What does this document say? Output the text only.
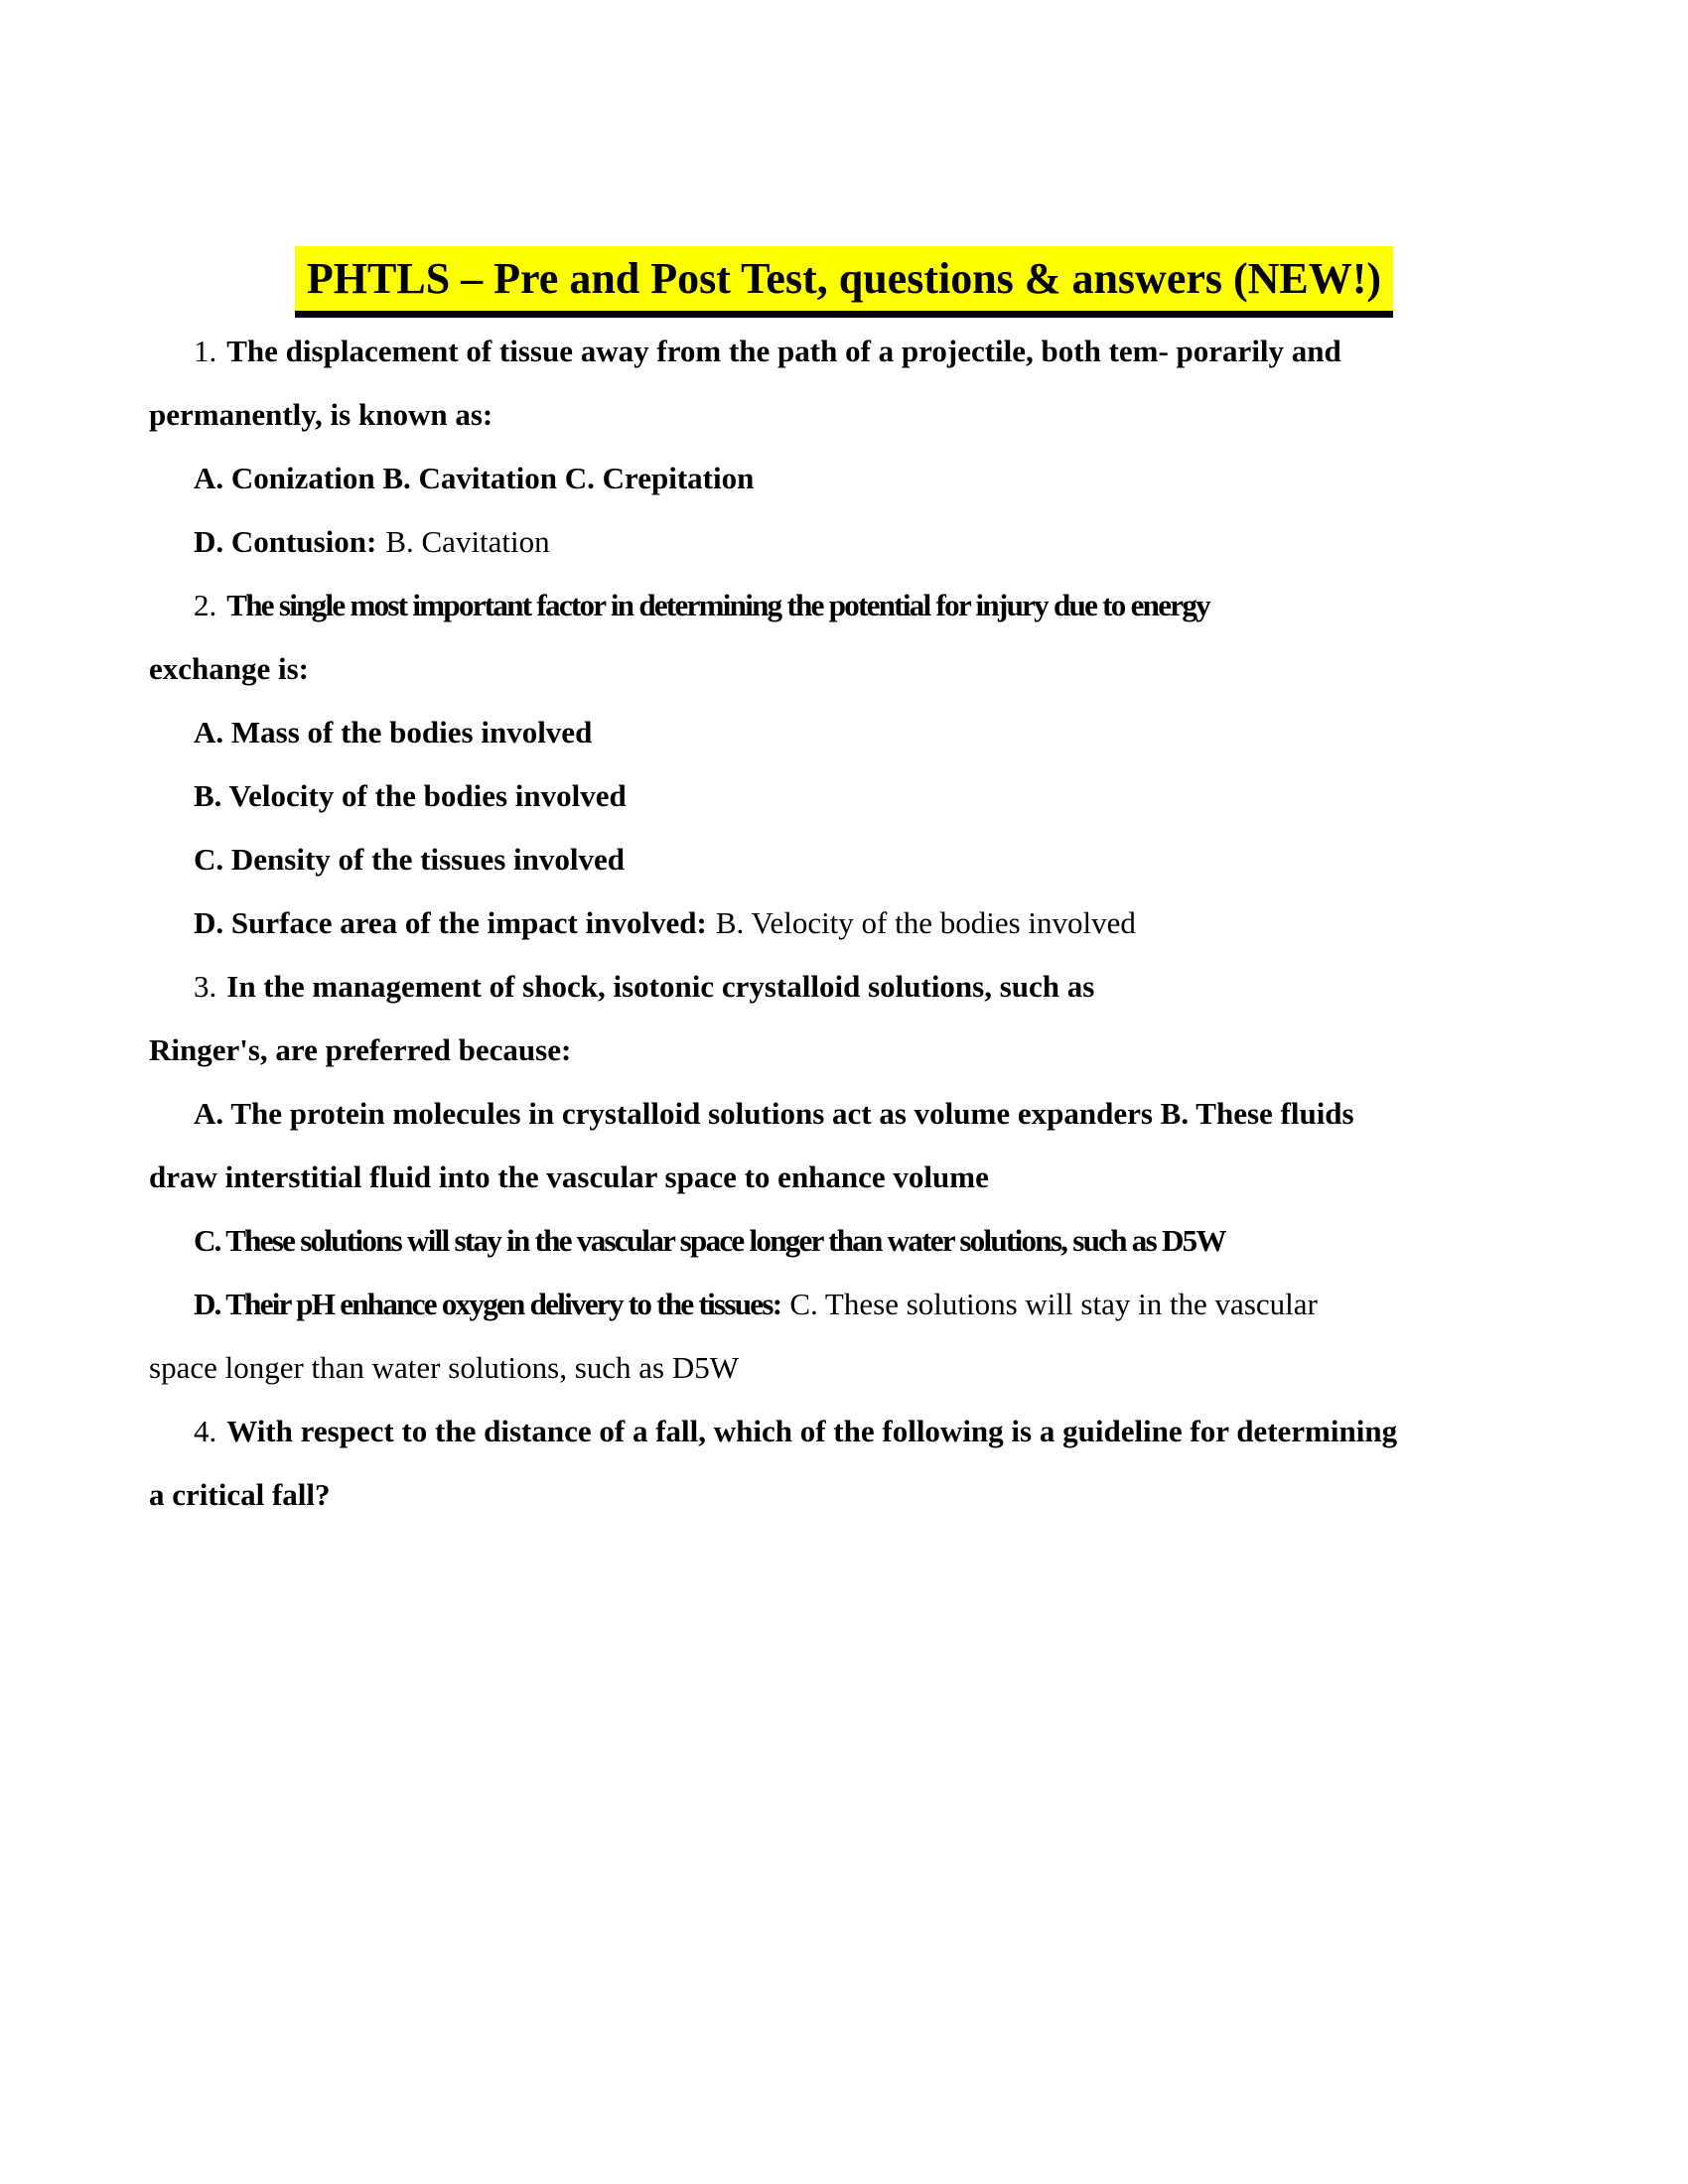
PHTLS – Pre and Post Test, questions & answers (NEW!)

1. The displacement of tissue away from the path of a projectile, both tem- porarily and

permanently, is known as:

A. Conization B. Cavitation C. Crepitation

D. Contusion: B. Cavitation

2. The single most important factor in determining the potential for injury due to energy

exchange is:

A. Mass of the bodies involved

B. Velocity of the bodies involved

C. Density of the tissues involved

D. Surface area of the impact involved: B. Velocity of the bodies involved

3. In the management of shock, isotonic crystalloid solutions, such as

Ringer's, are preferred because:

A. The protein molecules in crystalloid solutions act as volume expanders B. These fluids

draw interstitial fluid into the vascular space to enhance volume

C. These solutions will stay in the vascular space longer than water solutions, such as D5W

D. Their pH enhance oxygen delivery to the tissues: C. These solutions will stay in the vascular

space longer than water solutions, such as D5W

4. With respect to the distance of a fall, which of the following is a guideline for determining

a critical fall?
